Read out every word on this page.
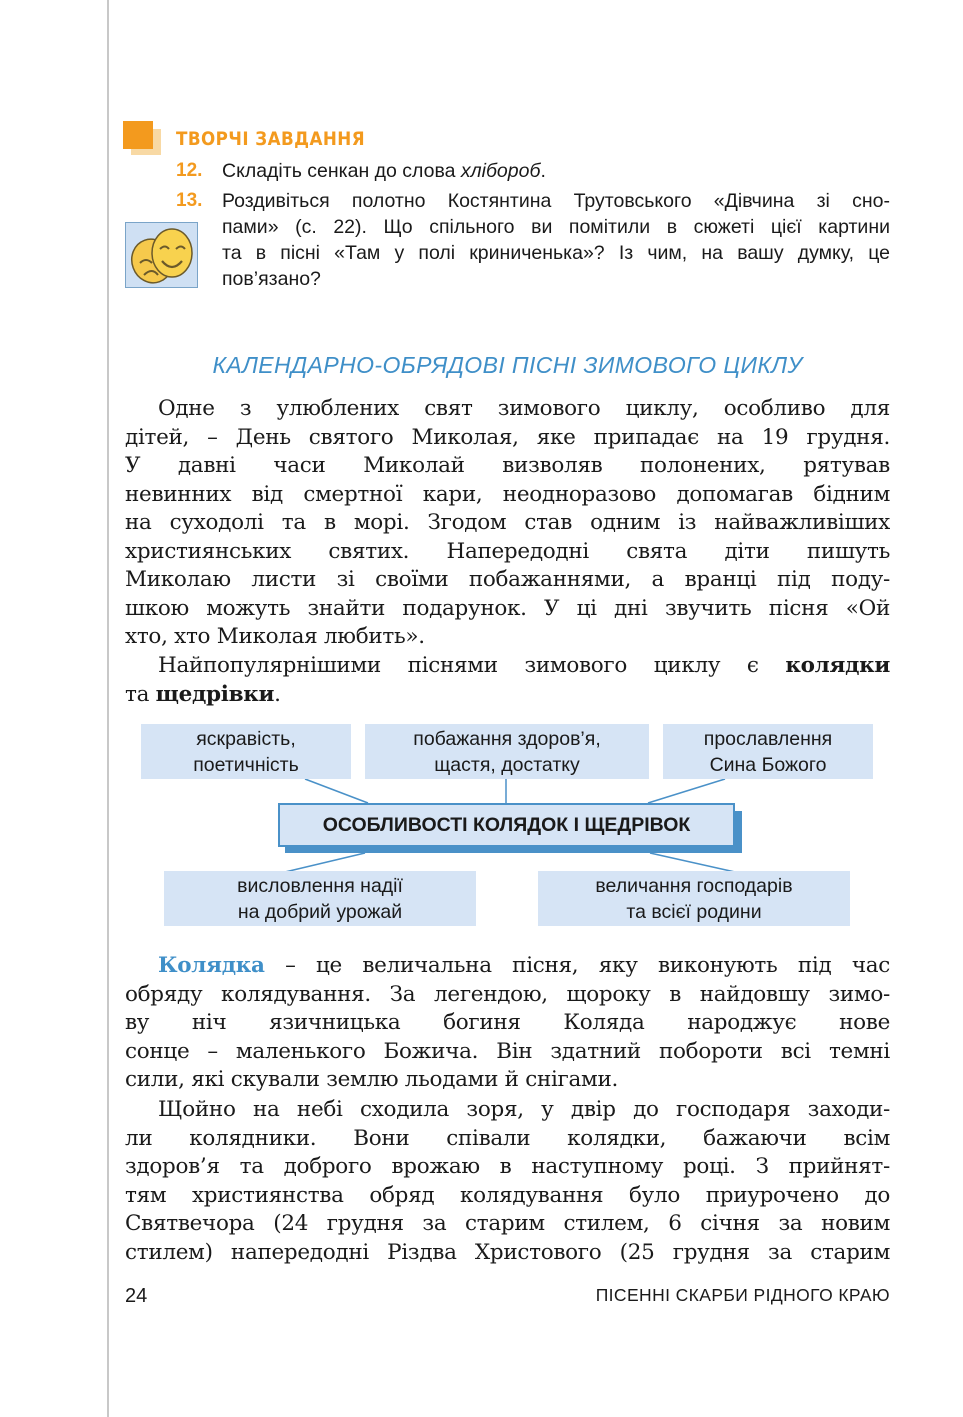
ТВОРЧІ ЗАВДАННЯ
12. Складіть сенкан до слова хлібороб.
13. Роздивіться полотно Костянтина Трутовського «Дівчина зі сно-
пами» (с. 22). Що спільного ви помітили в сюжеті цієї картини
та в пісні «Там у полі криниченька»? Із чим, на вашу думку, це
пов’язано?
КАЛЕНДАРНО-ОБРЯДОВІ ПІСНІ ЗИМОВОГО ЦИКЛУ
Одне з улюблених свят зимового циклу, особливо для
дітей, – День святого Миколая, яке припадає на 19 грудня.
У давні часи Миколай визволяв полонених, рятував
невинних від смертної кари, неодноразово допомагав бідним
на суходолі та в морі. Згодом став одним із найважливіших
християнських святих. Напередодні свята діти пишуть
Миколаю листи зі своїми побажаннями, а вранці під поду-
шкою можуть знайти подарунок. У ці дні звучить пісня «Ой
хто, хто Миколая любить».
Найпопулярнішими піснями зимового циклу є колядки
та щедрівки.
яскравість,
поетичність
побажання здоров’я,
щастя, достатку
прославлення
Сина Божого
ОСОБЛИВОСТІ КОЛЯДОК І ЩЕДРІВОК
висловлення надії
на добрий урожай
величання господарів
та всієї родини
Колядка – це величальна пісня, яку виконують під час
обряду колядування. За легендою, щороку в найдовшу зимо-
ву ніч язичницька богиня Коляда народжує нове
сонце – маленького Божича. Він здатний побороти всі темні
сили, які скували землю льодами й снігами.
Щойно на небі сходила зоря, у двір до господаря заходи-
ли колядники. Вони співали колядки, бажаючи всім
здоров’я та доброго врожаю в наступному році. З прийнят-
тям християнства обряд колядування було приурочено до
Святвечора (24 грудня за старим стилем, 6 січня за новим
стилем) напередодні Різдва Христового (25 грудня за старим
24	ПІСЕННІ СКАРБИ РІДНОГО КРАЮ
